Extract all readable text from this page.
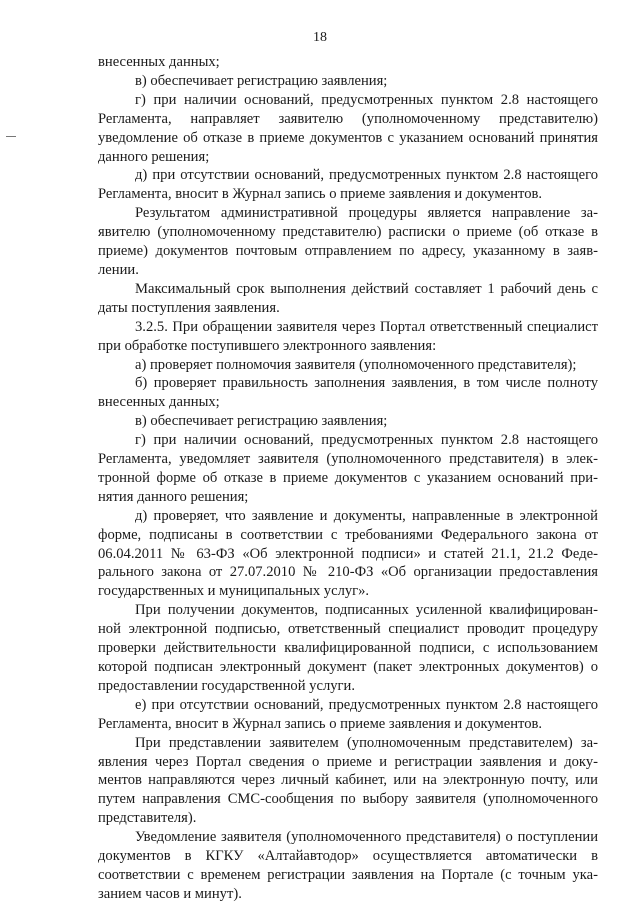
18

внесенных данных;

в) обеспечивает регистрацию заявления;

г) при наличии оснований, предусмотренных пунктом 2.8 настоящего Регламента, направляет заявителю (уполномоченному представителю) уведомление об отказе в приеме документов с указанием оснований принятия данного решения;

д) при отсутствии оснований, предусмотренных пунктом 2.8 настоящего Регламента, вносит в Журнал запись о приеме заявления и документов.

Результатом административной процедуры является направление заявителю (уполномоченному представителю) расписки о приеме (об отказе в приеме) документов почтовым отправлением по адресу, указанному в заявлении.

Максимальный срок выполнения действий составляет 1 рабочий день с даты поступления заявления.

3.2.5. При обращении заявителя через Портал ответственный специалист при обработке поступившего электронного заявления:

а) проверяет полномочия заявителя (уполномоченного представителя);

б) проверяет правильность заполнения заявления, в том числе полноту внесенных данных;

в) обеспечивает регистрацию заявления;

г) при наличии оснований, предусмотренных пунктом 2.8 настоящего Регламента, уведомляет заявителя (уполномоченного представителя) в электронной форме об отказе в приеме документов с указанием оснований принятия данного решения;

д) проверяет, что заявление и документы, направленные в электронной форме, подписаны в соответствии с требованиями Федерального закона от 06.04.2011 № 63-ФЗ «Об электронной подписи» и статей 21.1, 21.2 Федерального закона от 27.07.2010 № 210-ФЗ «Об организации предоставления государственных и муниципальных услуг».

При получении документов, подписанных усиленной квалифицированной электронной подписью, ответственный специалист проводит процедуру проверки действительности квалифицированной подписи, с использованием которой подписан электронный документ (пакет электронных документов) о предоставлении государственной услуги.

е) при отсутствии оснований, предусмотренных пунктом 2.8 настоящего Регламента, вносит в Журнал запись о приеме заявления и документов.

При представлении заявителем (уполномоченным представителем) заявления через Портал сведения о приеме и регистрации заявления и документов направляются через личный кабинет, или на электронную почту, или путем направления СМС-сообщения по выбору заявителя (уполномоченного представителя).

Уведомление заявителя (уполномоченного представителя) о поступлении документов в КГКУ «Алтайавтодор» осуществляется автоматически в соответствии с временем регистрации заявления на Портале (с точным указанием часов и минут).
